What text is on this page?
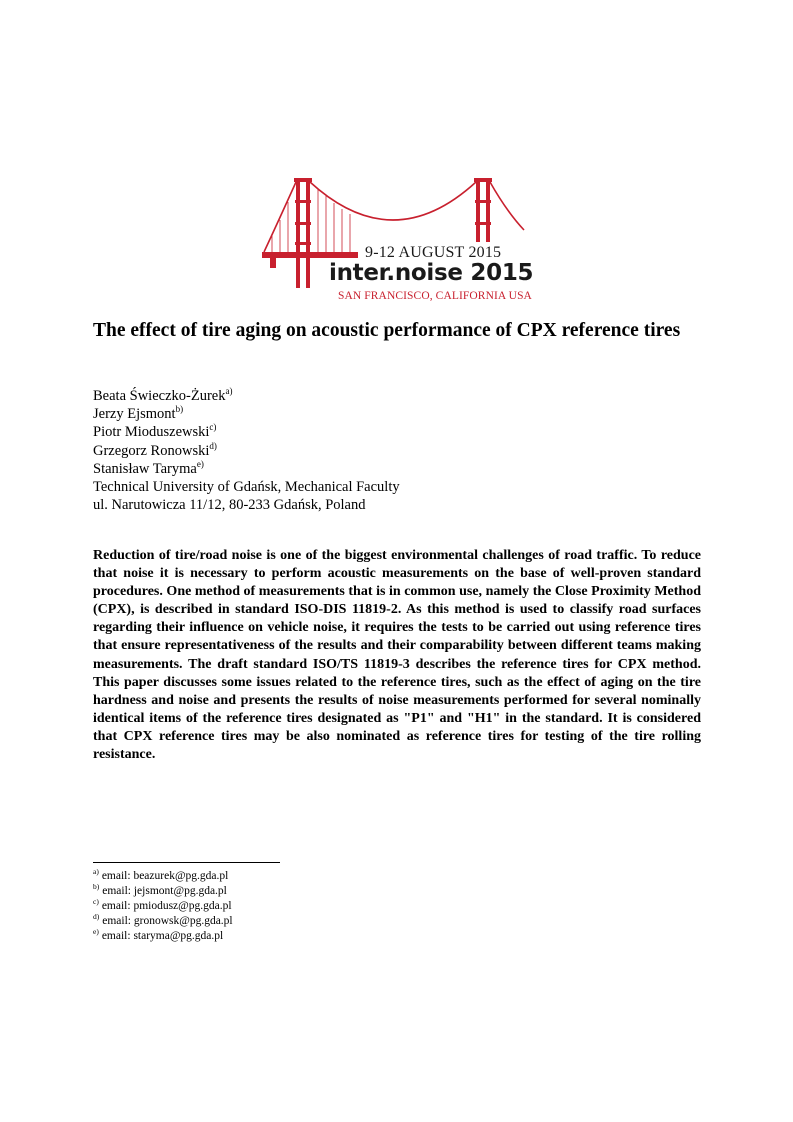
9-12 AUGUST 2015
inter.noise 2015
SAN FRANCISCO, CALIFORNIA USA
The effect of tire aging on acoustic performance of CPX reference tires
Beata Świeczko-Żurek$^{a)}$
Jerzy Ejsmont$^{b)}$
Piotr Mioduszewski$^{c)}$
Grzegorz Ronowski$^{d)}$
Stanisław Taryma$^{e)}$
Technical University of Gdańsk, Mechanical Faculty
ul. Narutowicza 11/12, 80-233 Gdańsk, Poland

Reduction of tire/road noise is one of the biggest environmental challenges of road traffic. To reduce that noise it is necessary to perform acoustic measurements on the base of well-proven standard procedures. One method of measurements that is in common use, namely the Close Proximity Method (CPX), is described in standard ISO-DIS 11819-2. As this method is used to classify road surfaces regarding their influence on vehicle noise, it requires the tests to be carried out using reference tires that ensure representativeness of the results and their comparability between different teams making measurements. The draft standard ISO/TS 11819-3 describes the reference tires for CPX method. This paper discusses some issues related to the reference tires, such as the effect of aging on the tire hardness and noise and presents the results of noise measurements performed for several nominally identical items of the reference tires designated as "P1" and "H1" in the standard. It is considered that CPX reference tires may be also nominated as reference tires for testing of the tire rolling resistance.

$^{a)}$ email: beazurek@pg.gda.pl
$^{b)}$ email: jejsmont@pg.gda.pl
$^{c)}$ email: pmiodusz@pg.gda.pl
$^{d)}$ email: gronowsk@pg.gda.pl
$^{e)}$ email: staryma@pg.gda.pl
